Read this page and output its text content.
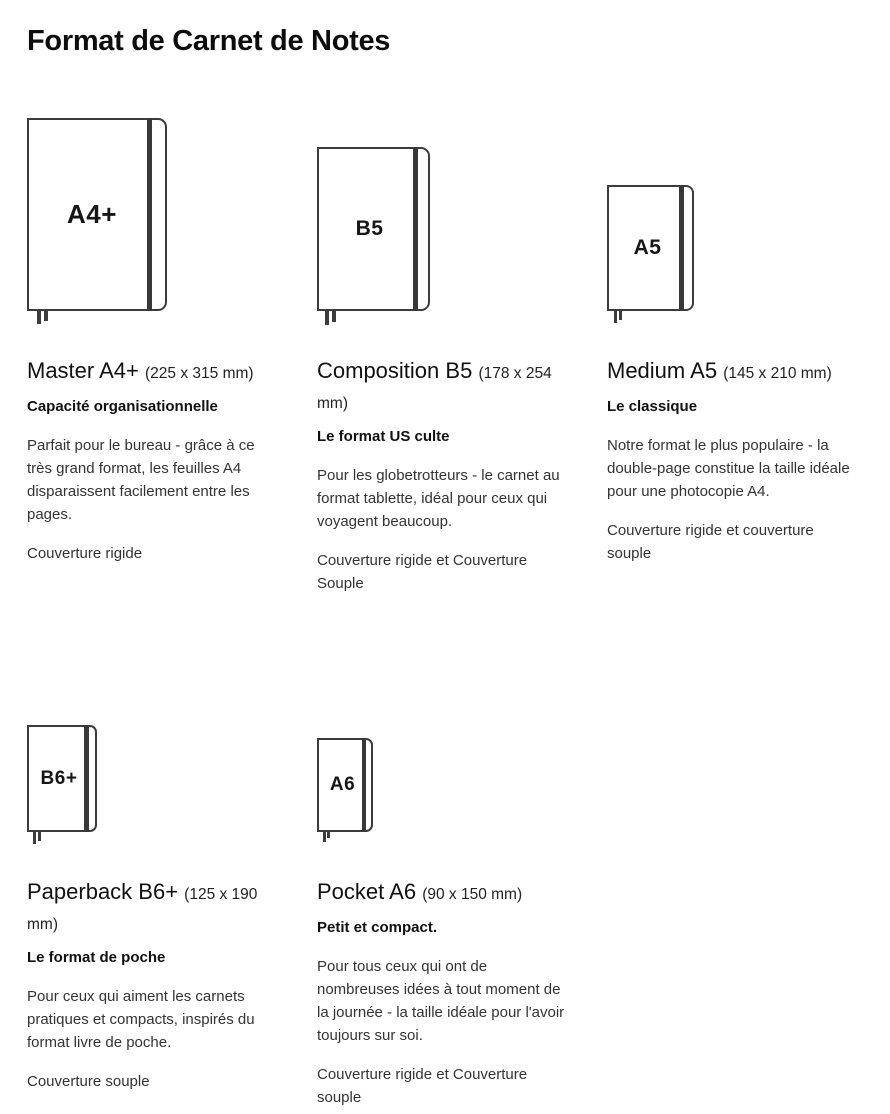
Format de Carnet de Notes
A4+
Master A4+ (225 x 315 mm)

Capacité organisationnelle

Parfait pour le bureau - grâce à ce très grand format, les feuilles A4 disparaissent facilement entre les pages.

Couverture rigide

B5
Composition B5 (178 x 254 mm)

Le format US culte

Pour les globetrotteurs - le carnet au format tablette, idéal pour ceux qui voyagent beaucoup.

Couverture rigide et Couverture Souple

A5
Medium A5 (145 x 210 mm)

Le classique

Notre format le plus populaire - la double-page constitue la taille idéale pour une photocopie A4.

Couverture rigide et couverture souple

B6+
Paperback B6+ (125 x 190 mm)

Le format de poche

Pour ceux qui aiment les carnets pratiques et compacts, inspirés du format livre de poche.

Couverture souple

A6
Pocket A6 (90 x 150 mm)

Petit et compact.

Pour tous ceux qui ont de nombreuses idées à tout moment de la journée - la taille idéale pour l'avoir toujours sur soi.

Couverture rigide et Couverture souple
